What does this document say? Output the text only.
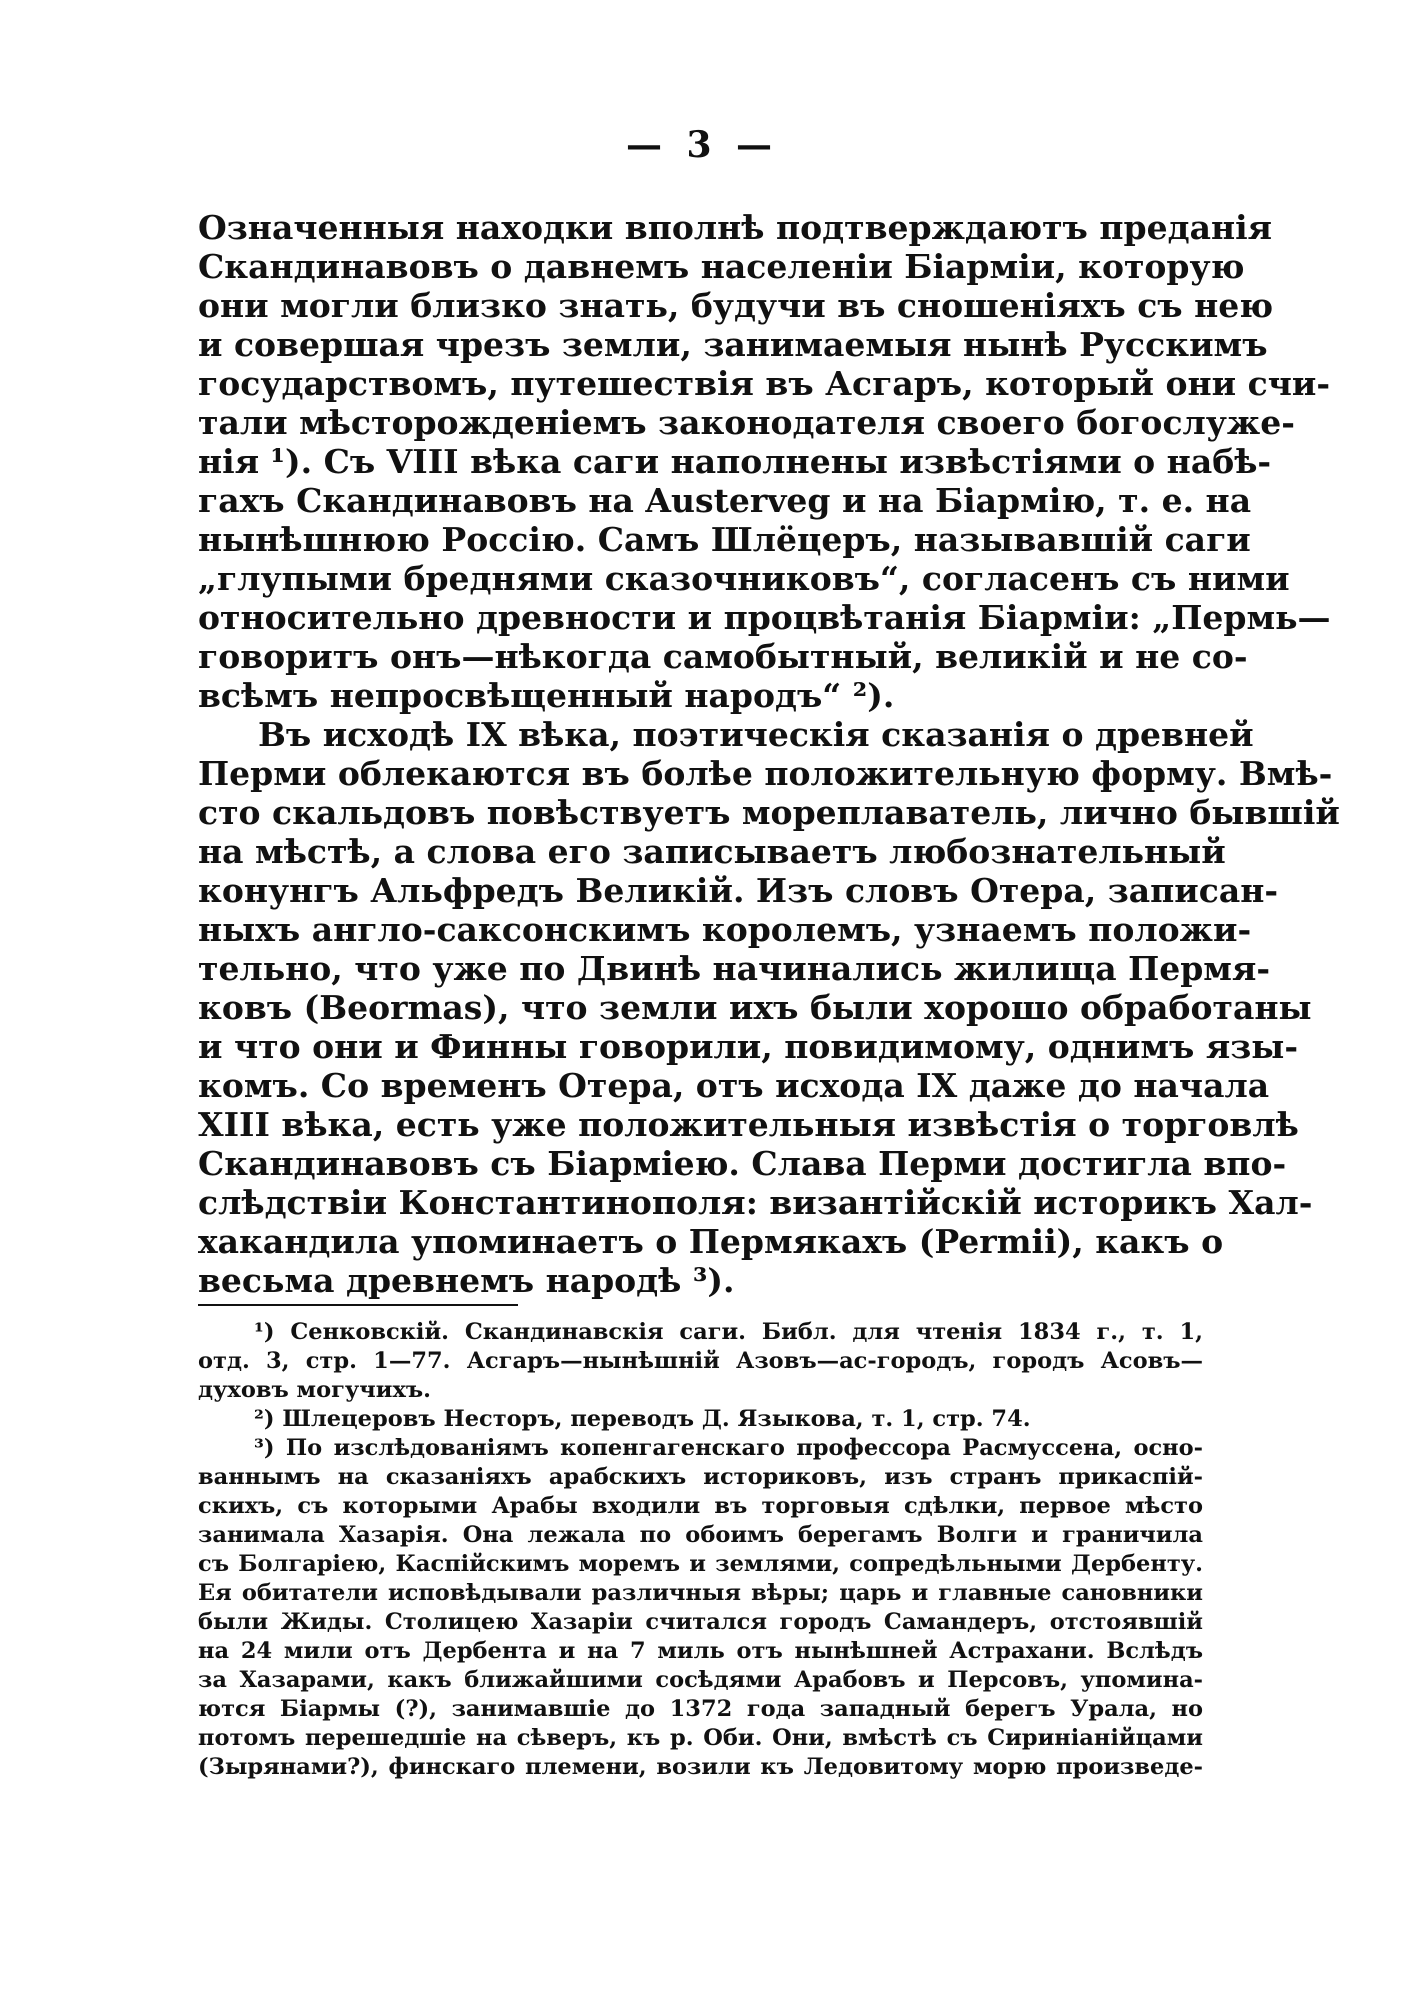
— 3 —
Означенныя находки вполнѣ подтверждаютъ преданія
Скандинавовъ о давнемъ населеніи Біарміи, которую
они могли близко знать, будучи въ сношеніяхъ съ нею
и совершая чрезъ земли, занимаемыя нынѣ Русскимъ
государствомъ, путешествія въ Асгаръ, который они счи-
тали мѣсторожденіемъ законодателя своего богослуже-
нія ¹). Съ VIII вѣка саги наполнены извѣстіями о набѣ-
гахъ Скандинавовъ на Austerveg и на Біармію, т. е. на
нынѣшнюю Россію. Самъ Шлёцеръ, называвшій саги
„глупыми бреднями сказочниковъ“, согласенъ съ ними
относительно древности и процвѣтанія Біарміи: „Пермь—
говоритъ онъ—нѣкогда самобытный, великій и не со-
всѣмъ непросвѣщенный народъ“ ²).
Въ исходѣ IX вѣка, поэтическія сказанія о древней
Перми облекаются въ болѣе положительную форму. Вмѣ-
сто скальдовъ повѣствуетъ мореплаватель, лично бывшій
на мѣстѣ, а слова его записываетъ любознательный
конунгъ Альфредъ Великій. Изъ словъ Отера, записан-
ныхъ англо-саксонскимъ королемъ, узнаемъ положи-
тельно, что уже по Двинѣ начинались жилища Пермя-
ковъ (Beormas), что земли ихъ были хорошо обработаны
и что они и Финны говорили, повидимому, однимъ язы-
комъ. Со временъ Отера, отъ исхода IX даже до начала
XIII вѣка, есть уже положительныя извѣстія о торговлѣ
Скандинавовъ съ Біарміею. Слава Перми достигла впо-
слѣдствіи Константинополя: византійскій историкъ Хал-
хакандила упоминаетъ о Пермякахъ (Permii), какъ о
весьма древнемъ народѣ ³).
¹) Сенковскій. Скандинавскія саги. Библ. для чтенія 1834 г., т. 1,
отд. 3, стр. 1—77. Асгаръ—нынѣшній Азовъ—ас-городъ, городъ Асовъ—
духовъ могучихъ.
²) Шлецеровъ Несторъ, переводъ Д. Языкова, т. 1, стр. 74.
³) По изслѣдованіямъ копенгагенскаго профессора Расмуссена, осно-
ваннымъ на сказаніяхъ арабскихъ историковъ, изъ странъ прикаспій-
скихъ, съ которыми Арабы входили въ торговыя сдѣлки, первое мѣсто
занимала Хазарія. Она лежала по обоимъ берегамъ Волги и граничила
съ Болгаріею, Каспійскимъ моремъ и землями, сопредѣльными Дербенту.
Ея обитатели исповѣдывали различныя вѣры; царь и главные сановники
были Жиды. Столицею Хазаріи считался городъ Самандеръ, отстоявшій
на 24 мили отъ Дербента и на 7 миль отъ нынѣшней Астрахани. Вслѣдъ
за Хазарами, какъ ближайшими сосѣдями Арабовъ и Персовъ, упомина-
ются Біармы (?), занимавшіе до 1372 года западный берегъ Урала, но
потомъ перешедшіе на сѣверъ, къ р. Оби. Они, вмѣстѣ съ Сириніанійцами
(Зырянами?), финскаго племени, возили къ Ледовитому морю произведе-
